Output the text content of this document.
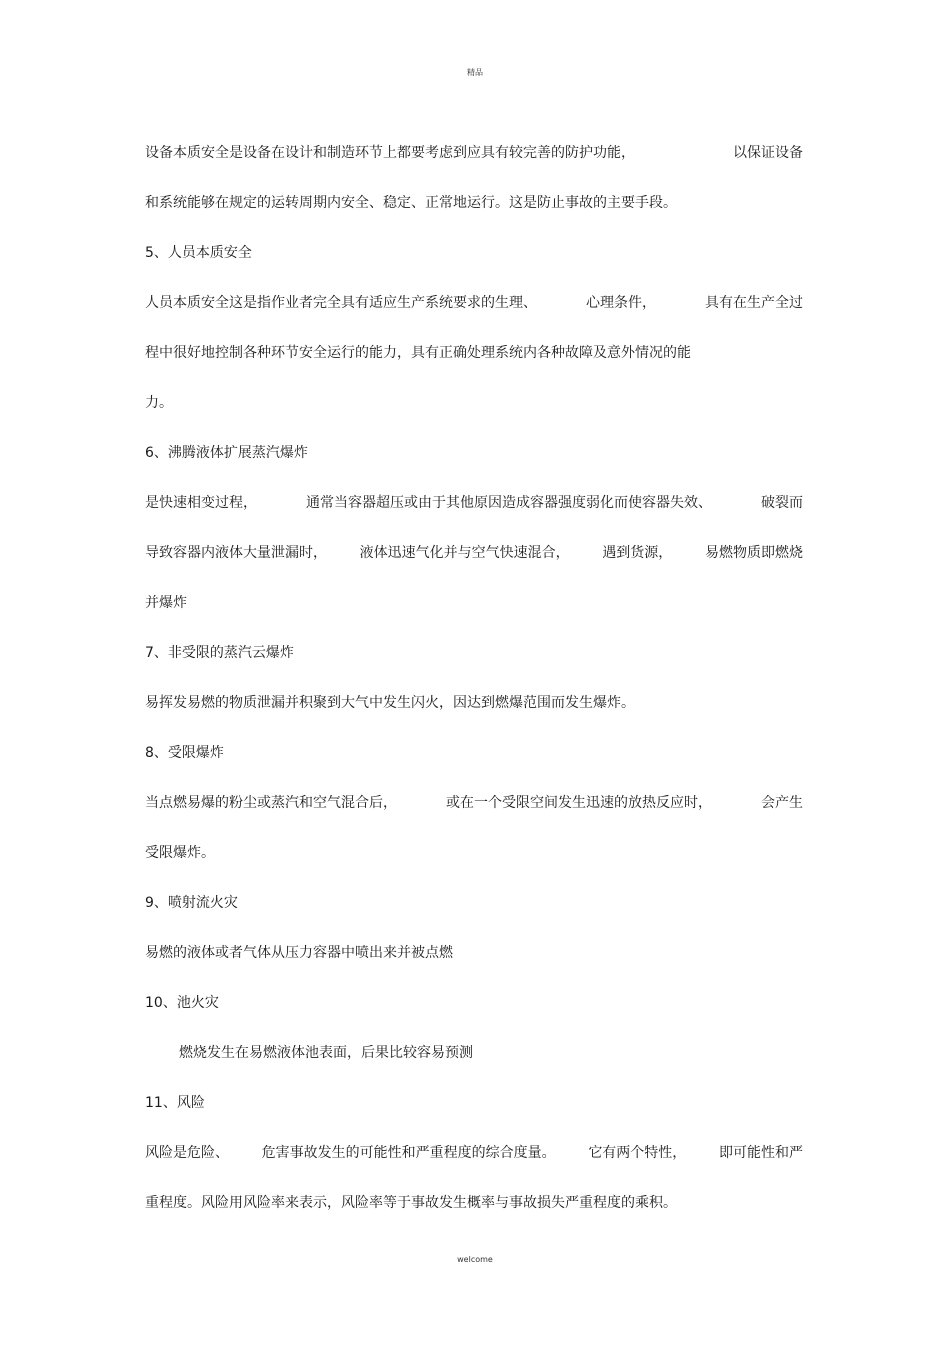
精品
设备本质安全是设备在设计和制造环节上都要考虑到应具有较完善的防护功能，	以保证设备
和系统能够在规定的运转周期内安全、稳定、正常地运行。这是防止事故的主要手段。
5、人员本质安全
人员本质安全这是指作业者完全具有适应生产系统要求的生理、	心理条件，	具有在生产全过
程中很好地控制各种环节安全运行的能力，具有正确处理系统内各种故障及意外情况的能
力。
6、沸腾液体扩展蒸汽爆炸
是快速相变过程，	通常当容器超压或由于其他原因造成容器强度弱化而使容器失效、	破裂而
导致容器内液体大量泄漏时， 液体迅速气化并与空气快速混合， 遇到货源， 易燃物质即燃烧
并爆炸
7、非受限的蒸汽云爆炸
易挥发易燃的物质泄漏并积聚到大气中发生闪火，因达到燃爆范围而发生爆炸。
8、受限爆炸
当点燃易爆的粉尘或蒸汽和空气混合后，	或在一个受限空间发生迅速的放热反应时，	会产生
受限爆炸。
9、喷射流火灾
易燃的液体或者气体从压力容器中喷出来并被点燃
10、池火灾
燃烧发生在易燃液体池表面，后果比较容易预测
11、风险
风险是危险、 危害事故发生的可能性和严重程度的综合度量。 它有两个特性， 即可能性和严
重程度。风险用风险率来表示，风险率等于事故发生概率与事故损失严重程度的乘积。
welcome
